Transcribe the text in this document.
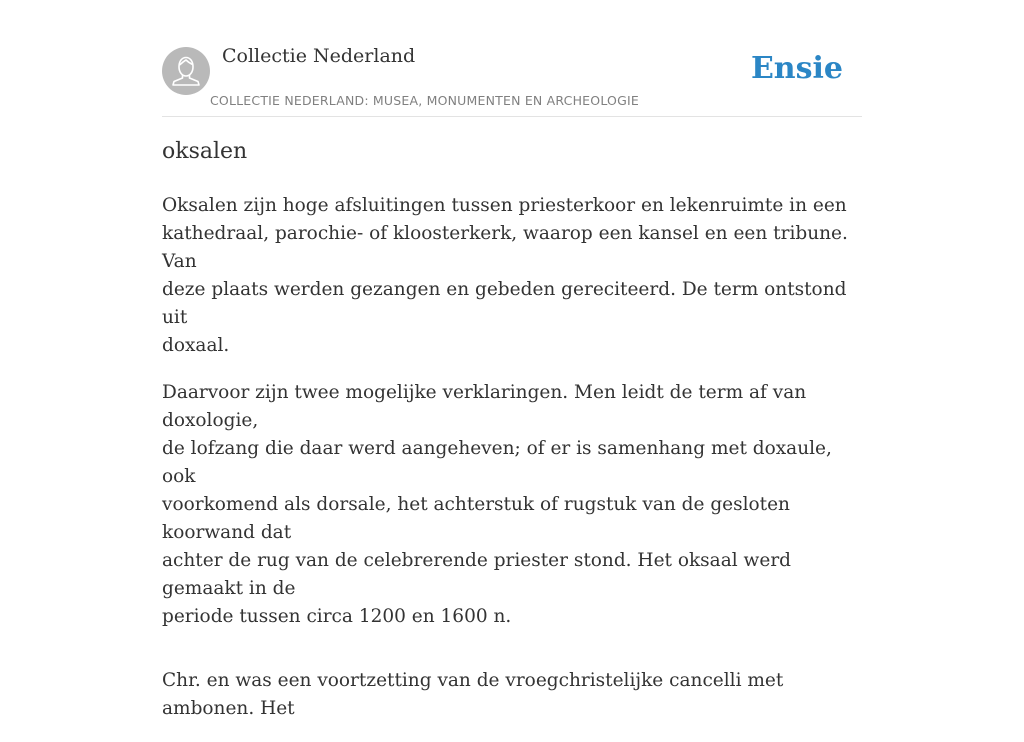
Collectie Nederland
COLLECTIE NEDERLAND: MUSEA, MONUMENTEN EN ARCHEOLOGIE
Ensie
oksalen

Oksalen zijn hoge afsluitingen tussen priesterkoor en lekenruimte in een
kathedraal, parochie- of kloosterkerk, waarop een kansel en een tribune. Van
deze plaats werden gezangen en gebeden gereciteerd. De term ontstond uit
doxaal.

Daarvoor zijn twee mogelijke verklaringen. Men leidt de term af van doxologie,
de lofzang die daar werd aangeheven; of er is samenhang met doxaule, ook
voorkomend als dorsale, het achterstuk of rugstuk van de gesloten koorwand dat
achter de rug van de celebrerende priester stond. Het oksaal werd gemaakt in de
periode tussen circa 1200 en 1600 n.

Chr. en was een voortzetting van de vroegchristelijke cancelli met ambonen. Het
